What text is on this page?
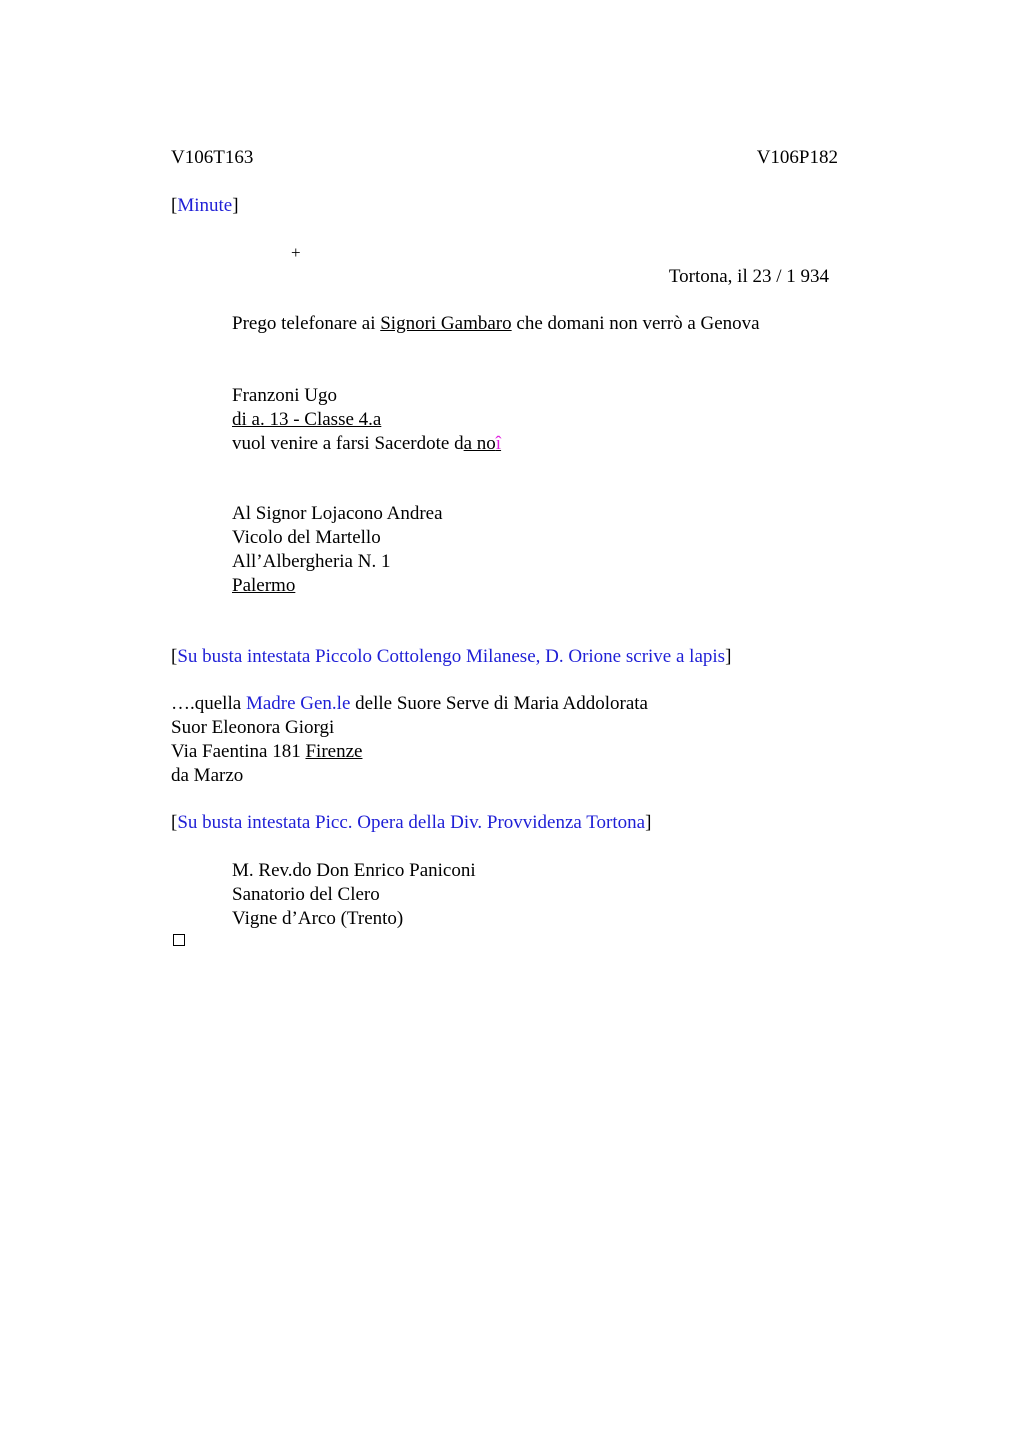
V106T163	V106P182
[Minute]
+
Tortona, il 23 / 1 934
Prego telefonare ai Signori Gambaro che domani non verrò a Genova
Franzoni Ugo
di a. 13 - Classe 4.a
vuol venire a farsi Sacerdote da noî
Al Signor Lojacono Andrea
Vicolo del Martello
All’Albergheria N. 1
Palermo
[Su busta intestata Piccolo Cottolengo Milanese, D. Orione scrive a lapis]
….quella Madre Gen.le delle Suore Serve di Maria Addolorata
Suor Eleonora Giorgi
Via Faentina 181 Firenze
da Marzo
[Su busta intestata Picc. Opera della Div. Provvidenza Tortona]
M. Rev.do Don Enrico Paniconi
Sanatorio del Clero
Vigne d’Arco (Trento)
